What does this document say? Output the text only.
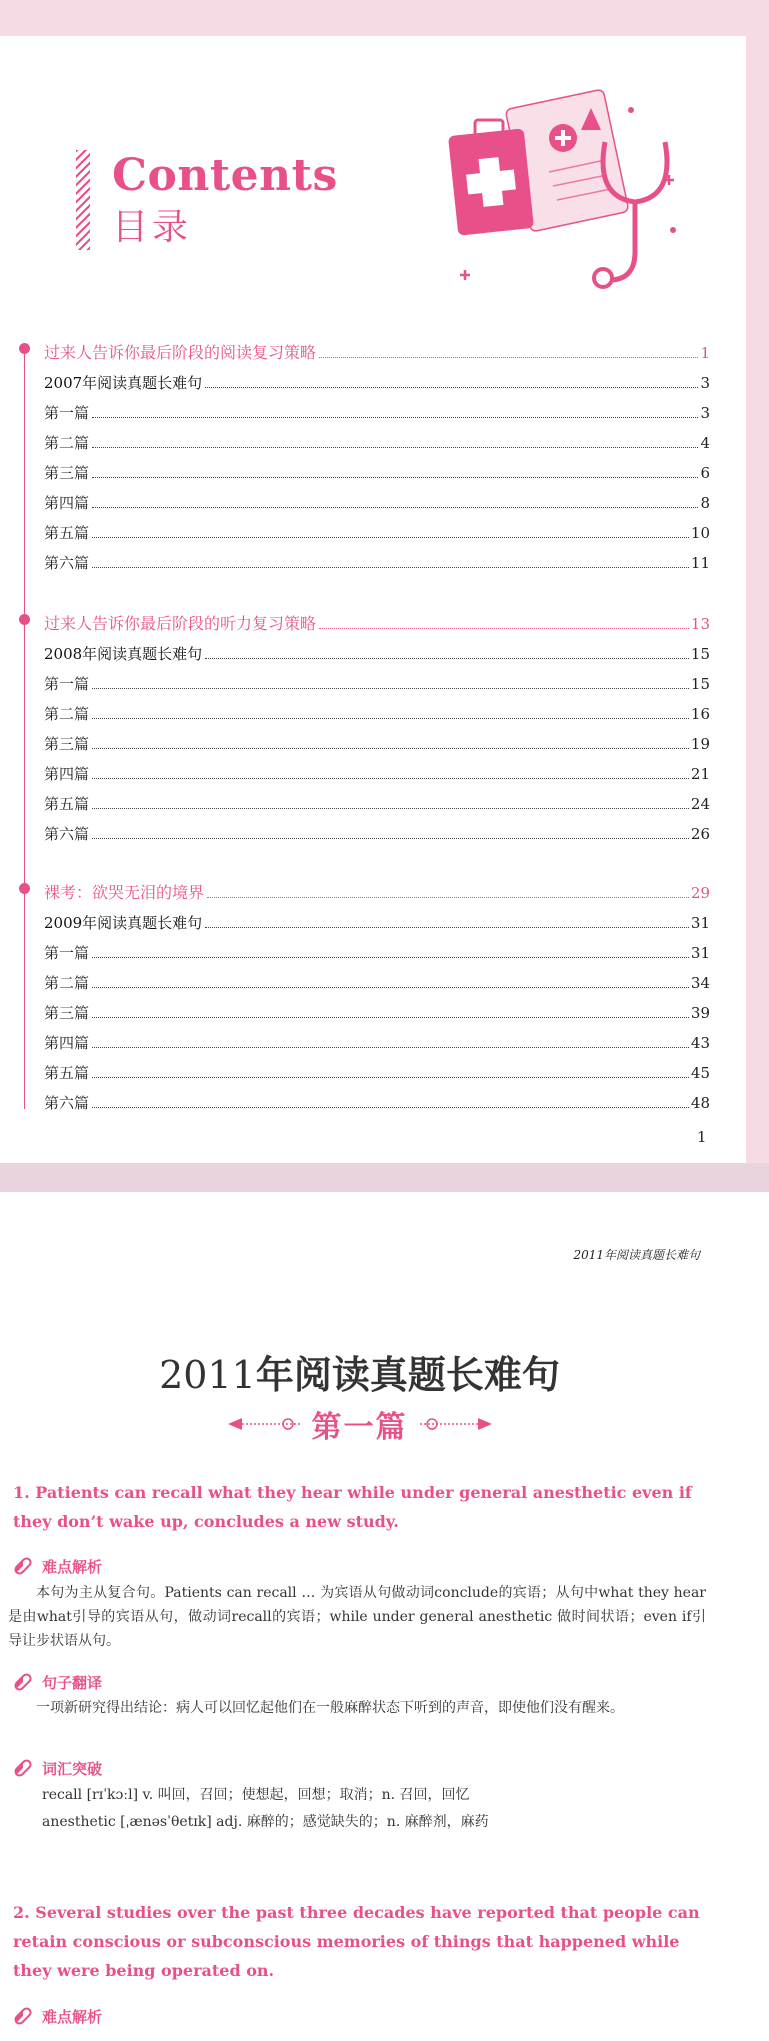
Contents
目录
过来人告诉你最后阶段的阅读复习策略	1
2007年阅读真题长难句	3
第一篇	3
第二篇	4
第三篇	6
第四篇	8
第五篇	10
第六篇	11
过来人告诉你最后阶段的听力复习策略	13
2008年阅读真题长难句	15
第一篇	15
第二篇	16
第三篇	19
第四篇	21
第五篇	24
第六篇	26
裸考：欲哭无泪的境界	29
2009年阅读真题长难句	31
第一篇	31
第二篇	34
第三篇	39
第四篇	43
第五篇	45
第六篇	48
1
2011年阅读真题长难句
2011年阅读真题长难句
第一篇
1. Patients can recall what they hear while under general anesthetic even if they don’t wake up, concludes a new study.
难点解析
本句为主从复合句。Patients can recall … 为宾语从句做动词conclude的宾语；从句中what they hear是由what引导的宾语从句，做动词recall的宾语；while under general anesthetic 做时间状语；even if引导让步状语从句。
句子翻译
一项新研究得出结论：病人可以回忆起他们在一般麻醉状态下听到的声音，即使他们没有醒来。
词汇突破
recall [rɪˈkɔːl] v. 叫回，召回；使想起，回想；取消；n. 召回，回忆
anesthetic [ˌænəsˈθetɪk] adj. 麻醉的；感觉缺失的；n. 麻醉剂，麻药
2. Several studies over the past three decades have reported that people can retain conscious or subconscious memories of things that happened while they were being operated on.
难点解析
